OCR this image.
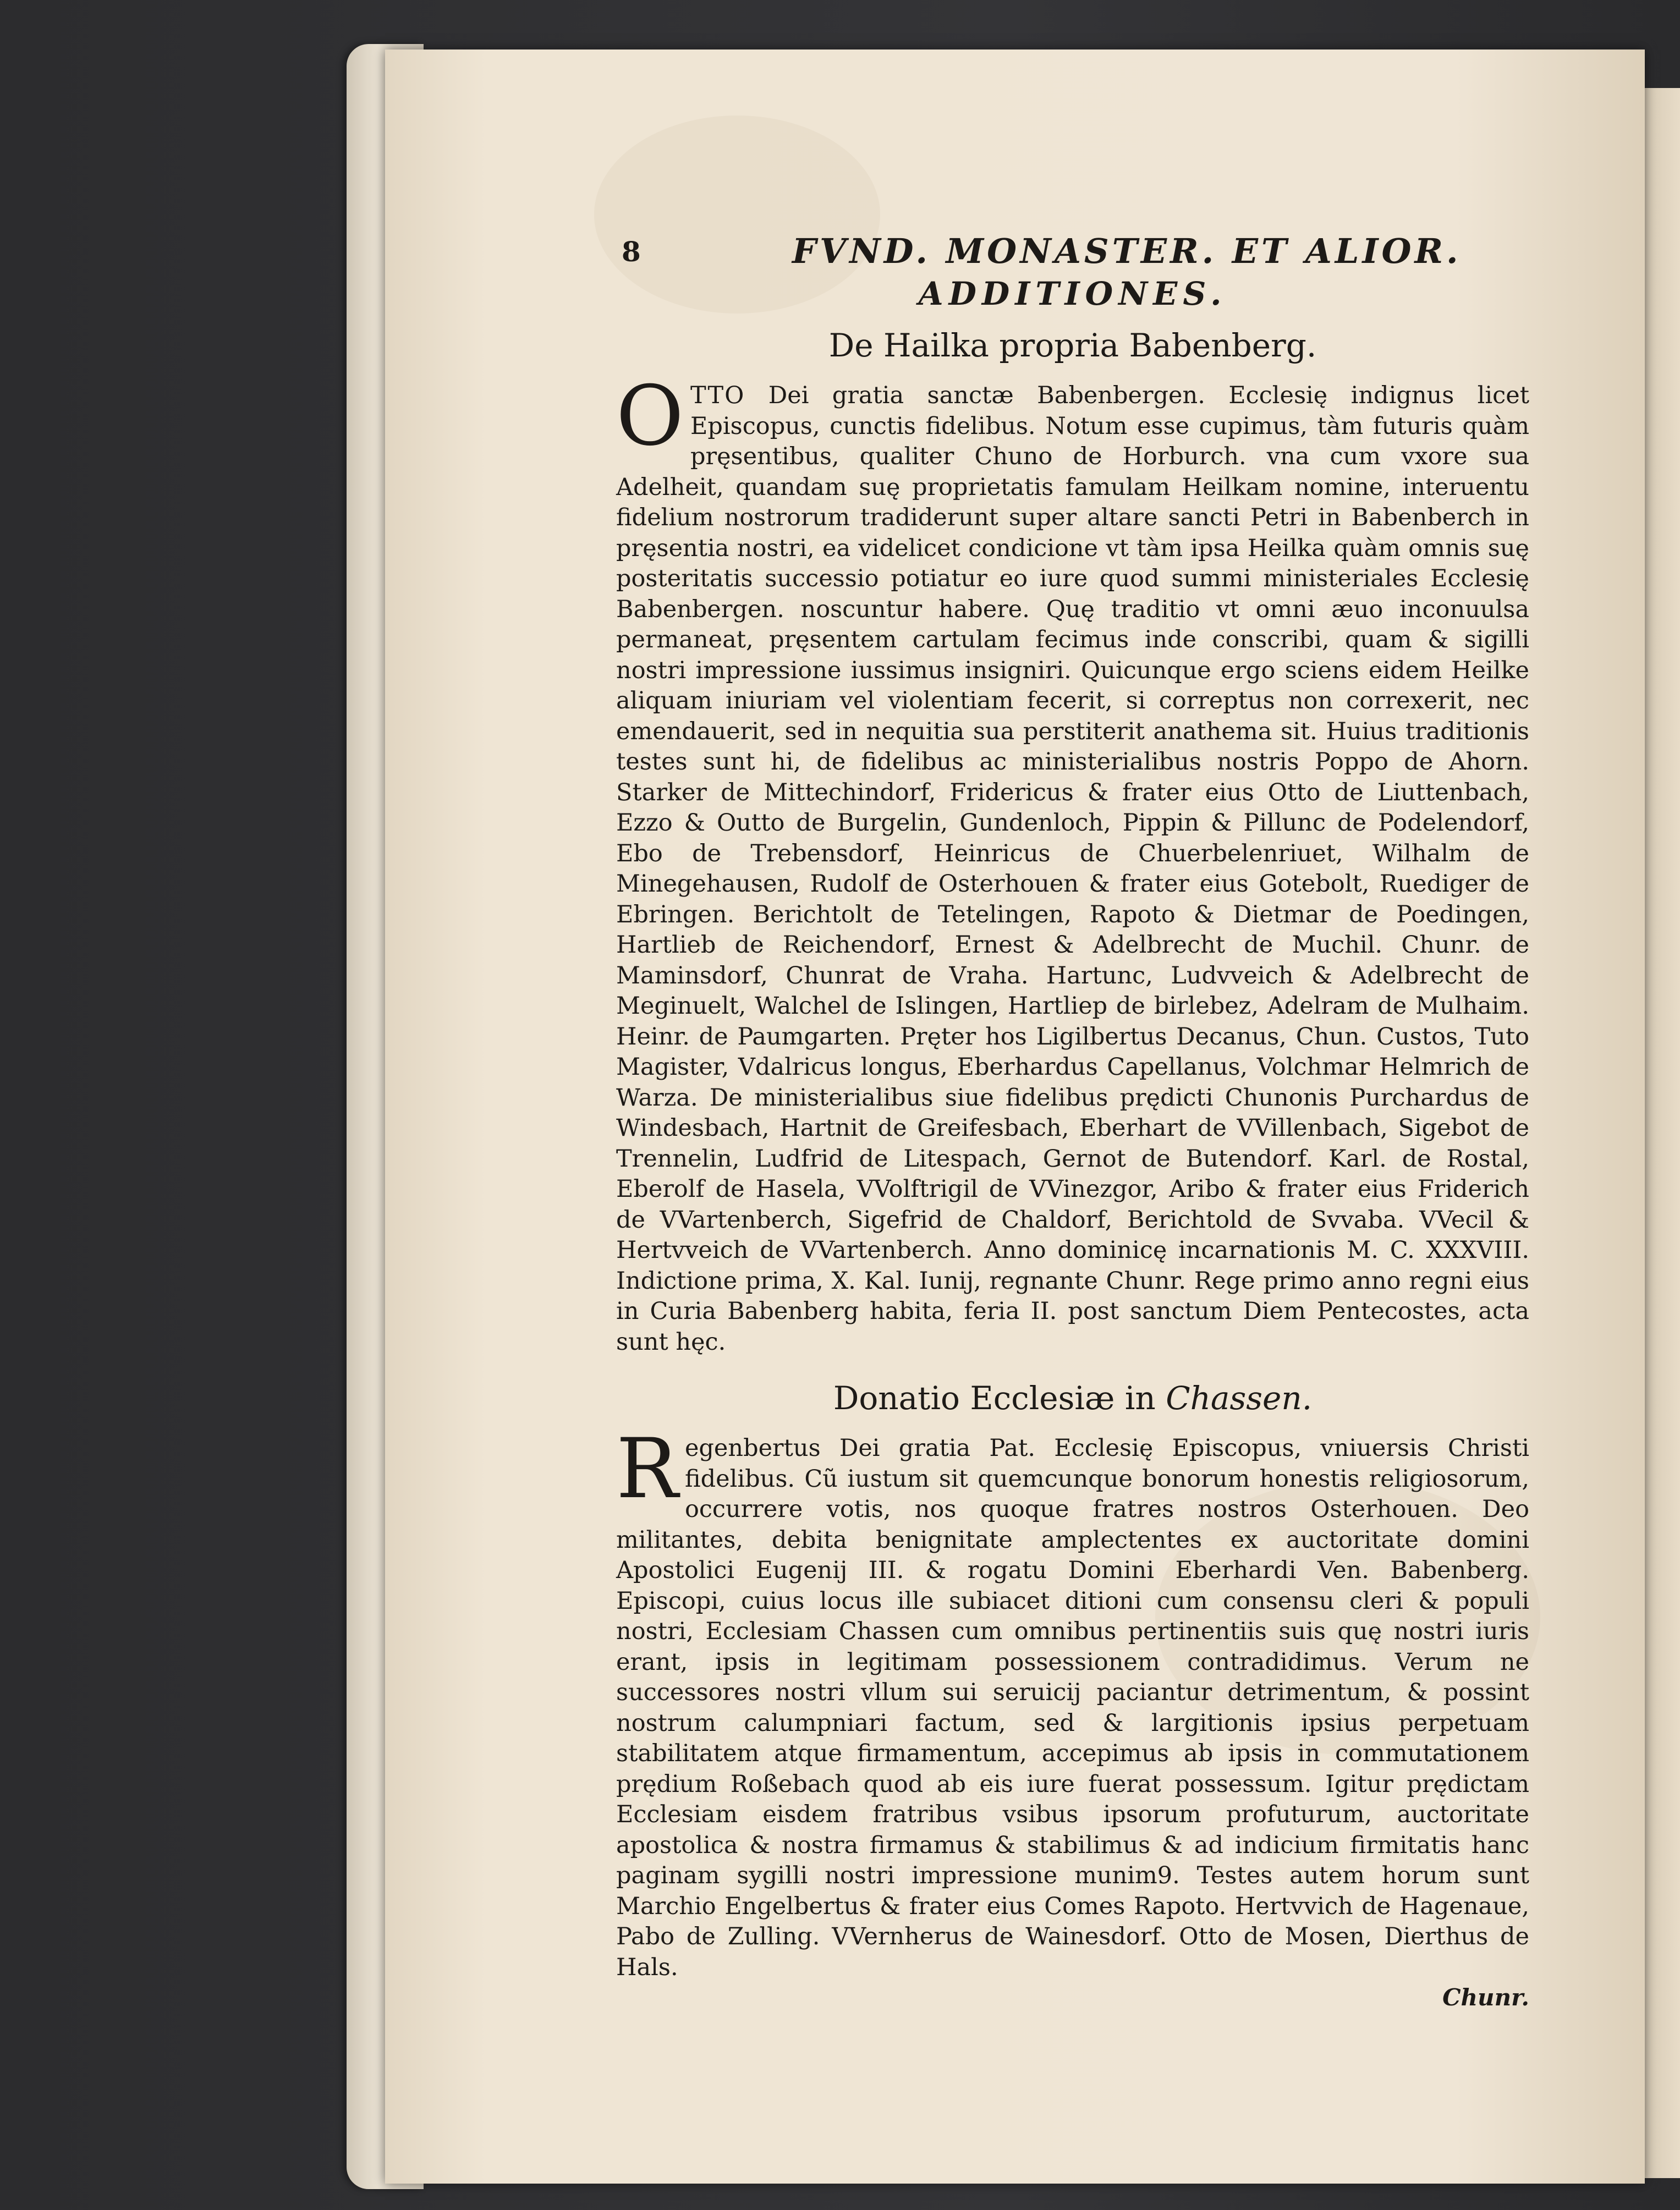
8	FVND. MONASTER. ET ALIOR.
ADDITIONES.
De Hailka propria Babenberg.
OTTO Dei gratia sanctæ Babenbergen. Ecclesię indignus licet Episcopus, cunctis fidelibus. Notum esse cupimus, tàm futuris quàm pręsentibus, qualiter Chuno de Horburch. vna cum vxore sua Adelheit, quandam suę proprietatis famulam Heilkam nomine, interuentu fidelium nostrorum tradiderunt super altare sancti Petri in Babenberch in pręsentia nostri, ea videlicet condicione vt tàm ipsa Heilka quàm omnis suę posteritatis successio potiatur eo iure quod summi ministeriales Ecclesię Babenbergen. noscuntur habere. Quę traditio vt omni æuo inconuulsa permaneat, pręsentem cartulam fecimus inde conscribi, quam & sigilli nostri impressione iussimus insigniri. Quicunque ergo sciens eidem Heilke aliquam iniuriam vel violentiam fecerit, si correptus non correxerit, nec emendauerit, sed in nequitia sua perstiterit anathema sit. Huius traditionis testes sunt hi, de fidelibus ac ministerialibus nostris Poppo de Ahorn. Starker de Mittechindorf, Fridericus & frater eius Otto de Liuttenbach, Ezzo & Outto de Burgelin, Gundenloch, Pippin & Pillunc de Podelendorf, Ebo de Trebensdorf, Heinricus de Chuerbelenriuet, Wilhalm de Minegehausen, Rudolf de Osterhouen & frater eius Gotebolt, Ruediger de Ebringen. Berichtolt de Tetelingen, Rapoto & Dietmar de Poedingen, Hartlieb de Reichendorf, Ernest & Adelbrecht de Muchil. Chunr. de Maminsdorf, Chunrat de Vraha. Hartunc, Ludvveich & Adelbrecht de Meginuelt, Walchel de Islingen, Hartliep de birlebez, Adelram de Mulhaim. Heinr. de Paumgarten. Pręter hos Ligilbertus Decanus, Chun. Custos, Tuto Magister, Vdalricus longus, Eberhardus Capellanus, Volchmar Helmrich de Warza. De ministerialibus siue fidelibus prędicti Chunonis Purchardus de Windesbach, Hartnit de Greifesbach, Eberhart de VVillenbach, Sigebot de Trennelin, Ludfrid de Litespach, Gernot de Butendorf. Karl. de Rostal, Eberolf de Hasela, VVolftrigil de VVinezgor, Aribo & frater eius Friderich de VVartenberch, Sigefrid de Chaldorf, Berichtold de Svvaba. VVecil & Hertvveich de VVartenberch. Anno dominicę incarnationis M. C. XXXVIII. Indictione prima, X. Kal. Iunij, regnante Chunr. Rege primo anno regni eius in Curia Babenberg habita, feria II. post sanctum Diem Pentecostes, acta sunt hęc.
Donatio Ecclesiæ in Chassen.
Regenbertus Dei gratia Pat. Ecclesię Episcopus, vniuersis Christi fidelibus. Cũ iustum sit quemcunque bonorum honestis religiosorum, occurrere votis, nos quoque fratres nostros Osterhouen. Deo militantes, debita benignitate amplectentes ex auctoritate domini Apostolici Eugenij III. & rogatu Domini Eberhardi Ven. Babenberg. Episcopi, cuius locus ille subiacet ditioni cum consensu cleri & populi nostri, Ecclesiam Chassen cum omnibus pertinentiis suis quę nostri iuris erant, ipsis in legitimam possessionem contradidimus. Verum ne successores nostri vllum sui seruicij paciantur detrimentum, & possint nostrum calumpniari factum, sed & largitionis ipsius perpetuam stabilitatem atque firmamentum, accepimus ab ipsis in commutationem prędium Roßebach quod ab eis iure fuerat possessum. Igitur prędictam Ecclesiam eisdem fratribus vsibus ipsorum profuturum, auctoritate apostolica & nostra firmamus & stabilimus & ad indicium firmitatis hanc paginam sygilli nostri impressione munim9. Testes autem horum sunt Marchio Engelbertus & frater eius Comes Rapoto. Hertvvich de Hagenaue, Pabo de Zulling. VVernherus de Wainesdorf. Otto de Mosen, Dierthus de Hals.
Chunr.
